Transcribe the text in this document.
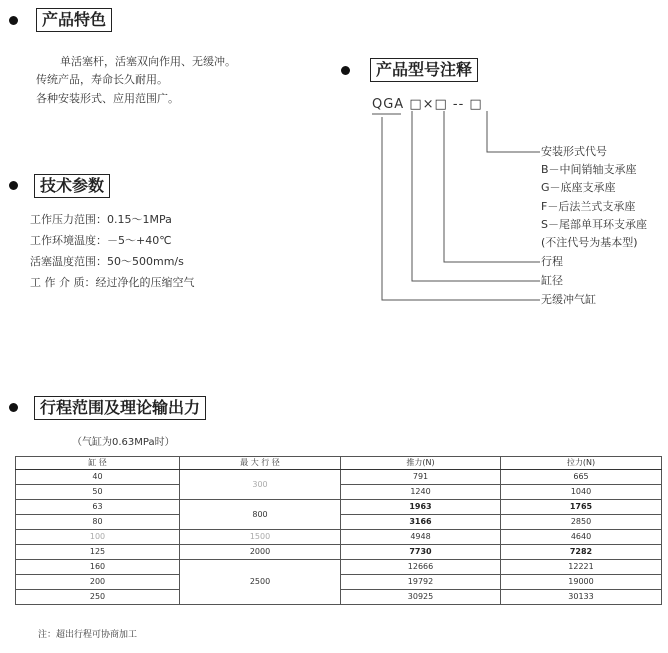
产品特色
单活塞杆，活塞双向作用、无缓冲。
传统产品，寿命长久耐用。
各种安装形式、应用范围广。
技术参数
工作压力范围：0.15～1MPa
工作环境温度：－5～+40℃
活塞温度范围：50～500mm/s
工 作 介 质：经过净化的压缩空气
产品型号注释
QGA □×□ -- □
安装形式代号
B－中间销轴支承座
G－底座支承座
F－后法兰式支承座
S－尾部单耳环支承座
(不注代号为基本型)
行程
缸径
无缓冲气缸
行程范围及理论输出力
（气缸为0.63MPa时）
缸 径	最 大 行 径	推力(N)	拉力(N)
40	300	791	665
50		1240	1040
63	800	1963	1765
80		3166	2850
100	1500	4948	4640
125	2000	7730	7282
160	2500	12666	12221
200		19792	19000
250		30925	30133
注：超出行程可协商加工
